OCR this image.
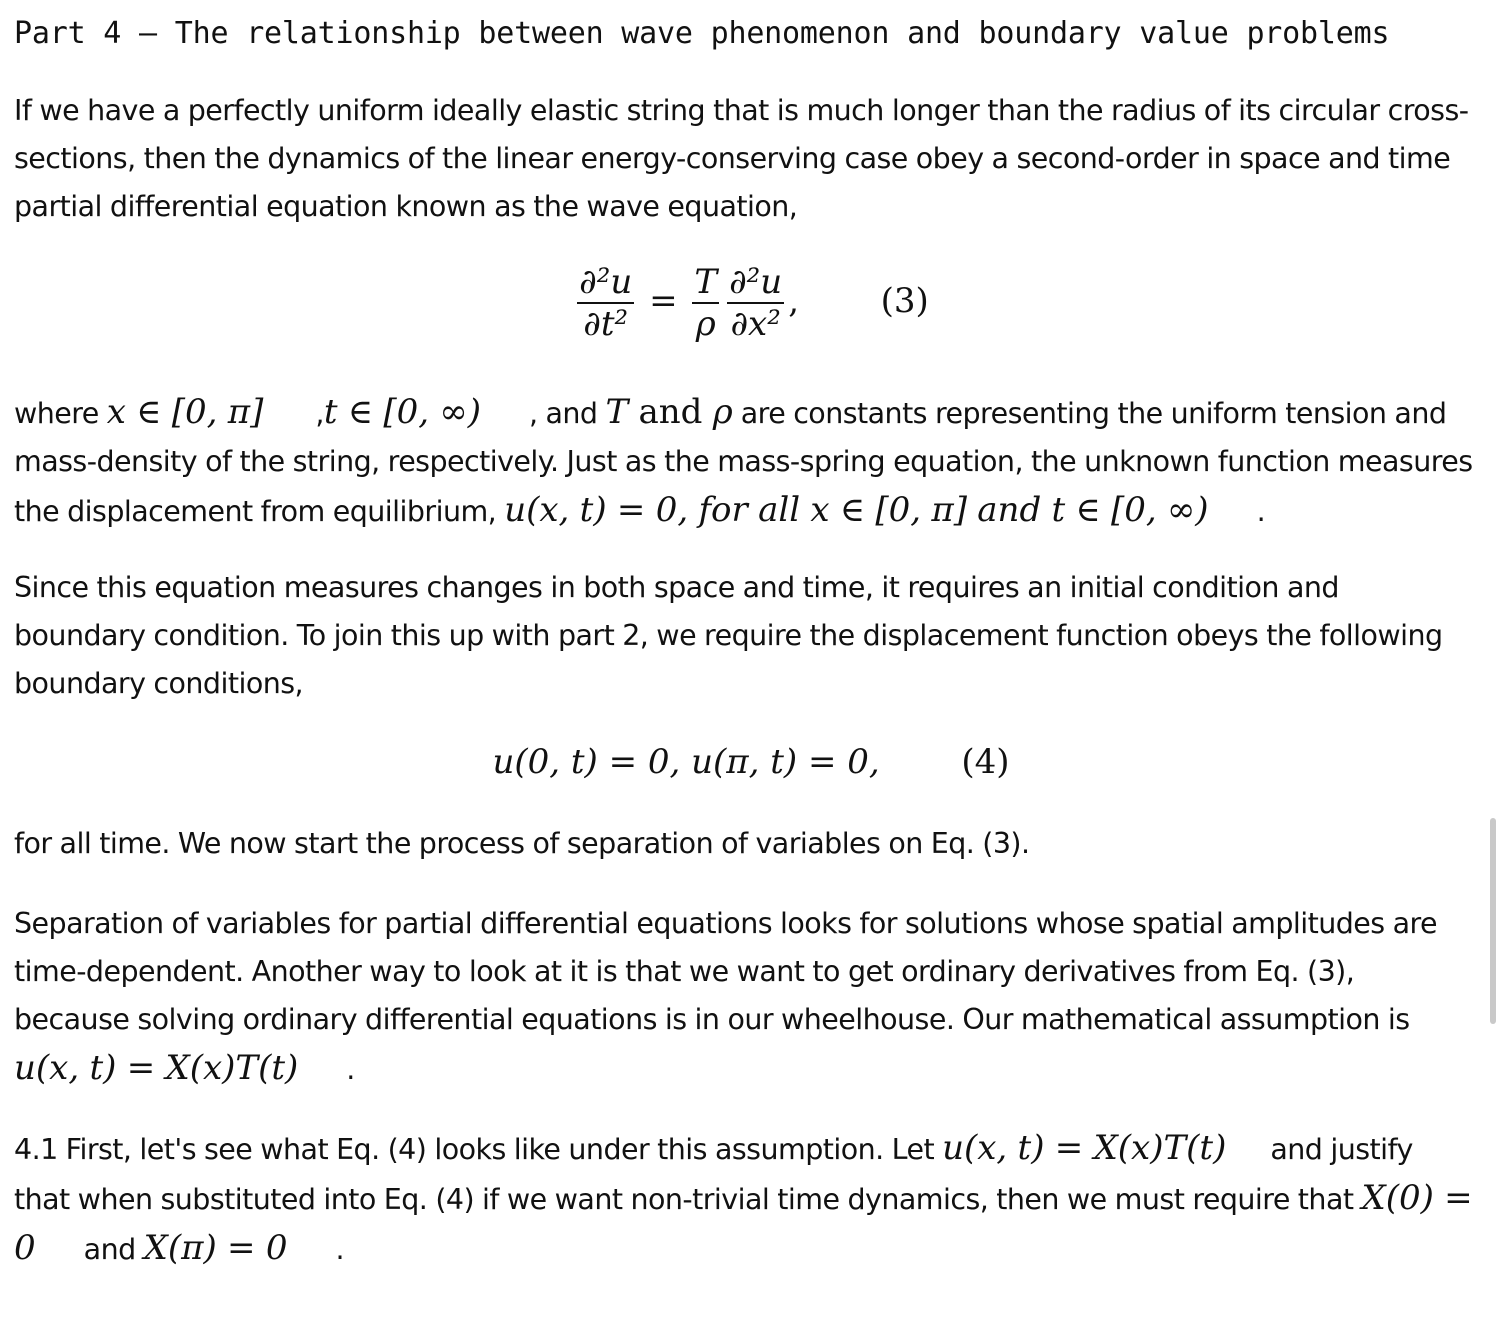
Part 4 – The relationship between wave phenomenon and boundary value problems
If we have a perfectly uniform ideally elastic string that is much longer than the radius of its circular cross-sections, then the dynamics of the linear energy-conserving case obey a second-order in space and time partial differential equation known as the wave equation,
$\frac{\text{∂²u}}{\text{∂t²}} = \frac{T}{\rho} \frac{\text{∂²u}}{\text{∂x²}}$ , (3)
where x ∈ [0, π] ,t ∈ [0, ∞) , and T and ρ are constants representing the uniform tension and mass-density of the string, respectively. Just as the mass-spring equation, the unknown function measures the displacement from equilibrium, u(x, t) = 0, for all x ∈ [0, π] and t ∈ [0, ∞) .
Since this equation measures changes in both space and time, it requires an initial condition and boundary condition. To join this up with part 2, we require the displacement function obeys the following boundary conditions,
u(0, t) = 0, u(π, t) = 0, (4)
for all time. We now start the process of separation of variables on Eq. (3).
Separation of variables for partial differential equations looks for solutions whose spatial amplitudes are time-dependent. Another way to look at it is that we want to get ordinary derivatives from Eq. (3), because solving ordinary differential equations is in our wheelhouse. Our mathematical assumption is u(x, t) = X(x)T(t) .
4.1 First, let's see what Eq. (4) looks like under this assumption. Let u(x, t) = X(x)T(t) and justify that when substituted into Eq. (4) if we want non-trivial time dynamics, then we must require that X(0) = 0 and X(π) = 0 .
